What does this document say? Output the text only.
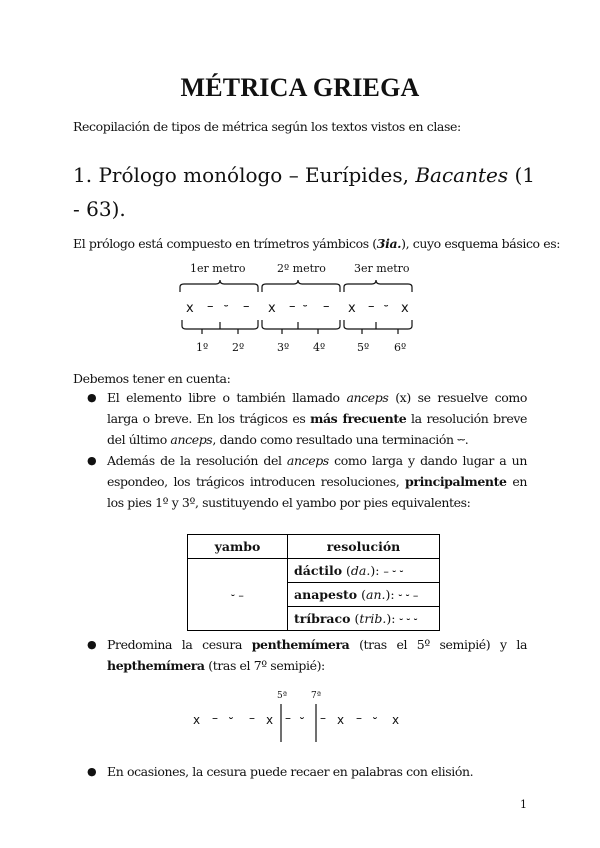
MÉTRICA GRIEGA
Recopilación de tipos de métrica según los textos vistos en clase:
1. Prólogo monólogo – Eurípides, Bacantes (1 - 63).
El prólogo está compuesto en trímetros yámbicos (3ia.), cuyo esquema básico es:
1er metro	2º metro	3er metro
x – ⏑ – x – ⏑ – x – ⏑ x
1º 2º	3º 4º	5º 6º
5ª	7ª
x – ⏑ – x – ⏑ – x – ⏑ x
Debemos tener en cuenta:
● El elemento libre o también llamado anceps (x) se resuelve como larga o breve. En los trágicos es más frecuente la resolución breve del último anceps, dando como resultado una terminación ⏑⏑.
● Además de la resolución del anceps como larga y dando lugar a un espondeo, los trágicos introducen resoluciones, principalmente en los pies 1º y 3º, sustituyendo el yambo por pies equivalentes:
yambo	resolución
⏑ –	dáctilo (da.): – ⏑ ⏑
	anapesto (an.): ⏑ ⏑ –
	tríbraco (trib.): ⏑ ⏑ ⏑
● Predomina la cesura penthemímera (tras el 5º semipié) y la hepthemímera (tras el 7º semipié):
● En ocasiones, la cesura puede recaer en palabras con elisión.
1
